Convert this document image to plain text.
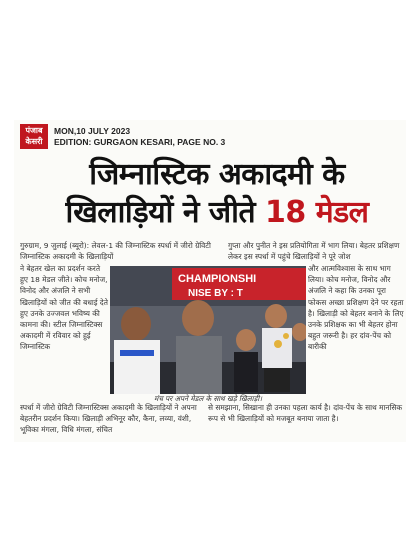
पंजाब
केसरी
MON,10 JULY 2023
EDITION: GURGAON KESARI, PAGE NO. 3
जिम्नास्टिक अकादमी के
खिलाड़ियों ने जीते 18 मेडल
गुरुग्राम, 9 जुलाई (ब्यूरो): लेवल-1 की जिम्नास्टिक स्पर्धा में जीरो ग्रेविटी जिम्नास्टिक अकादमी के खिलाड़ियों
गुप्ता और पुनीत ने इस प्रतियोगिता में भाग लिया। बेहतर प्रशिक्षण लेकर इस स्पर्धा में पहुंचे खिलाड़ियों ने पूरे जोश
ने बेहतर खेल का प्रदर्शन करते हुए 18 मेडल जीते। कोच मनोज, विनोद और अंजलि ने सभी खिलाड़ियों को जीत की बधाई देते हुए उनके उज्जवल भविष्य की कामना की। स्टील जिम्नास्टिक्स अकादमी में रविवार को हुई जिम्नास्टिक
CHAMPIONSHI
NISE BY : T
मंच पर अपने मेडल के साथ खड़े खिलाड़ी।
और आत्मविश्वास के साथ भाग लिया। कोच मनोज, विनोद और अंजलि ने कहा कि उनका पूरा फोकस अच्छा प्रशिक्षण देने पर रहता है। खिलाड़ी को बेहतर बनाने के लिए उनके प्रशिक्षक का भी बेहतर होना बहुत जरूरी है। हर दांव-पेंच को बारीकी
स्पर्धा में जीरो ग्रेविटी जिम्नास्टिक्स अकादमी के खिलाड़ियों ने अपना बेहतरीन प्रदर्शन किया। खिलाड़ी अभिनूर कौर, कैना, लव्या, वंशी, भूविका मंगला, विधि मंगला, संचित
से समझाना, सिखाना ही उनका पहला कार्य है। दांव-पेंच के साथ मानसिक रूप से भी खिलाड़ियों को मजबूत बनाया जाता है।
